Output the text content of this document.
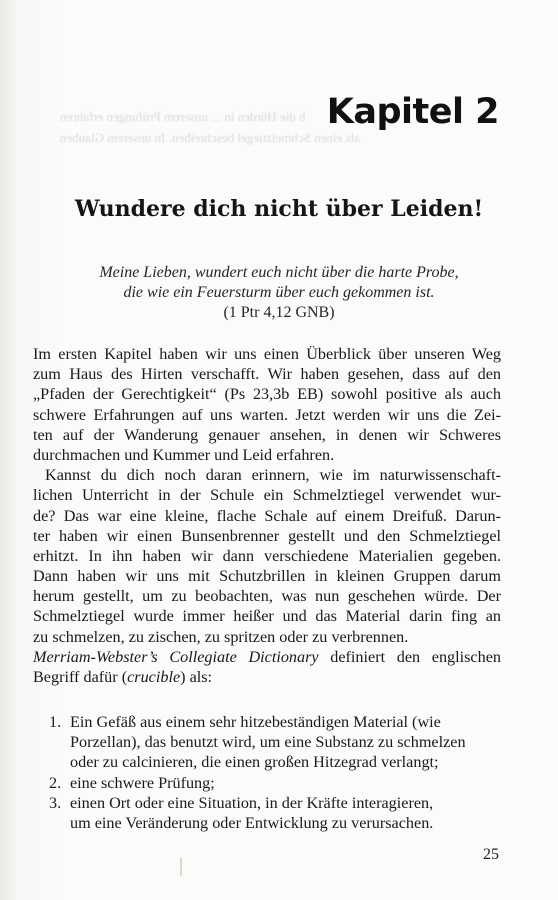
h die Hürden in ... unserem Prüfungen erfahren
als einen Schmelztiegel beschreiben. In unserem Glauben
Kapitel 2
Wundere dich nicht über Leiden!
Meine Lieben, wundert euch nicht über die harte Probe,
die wie ein Feuersturm über euch gekommen ist.
(1 Ptr 4,12 GNB)
Im ersten Kapitel haben wir uns einen Überblick über unseren Weg
zum Haus des Hirten verschafft. Wir haben gesehen, dass auf den
„Pfaden der Gerechtigkeit“ (Ps 23,3b EB) sowohl positive als auch
schwere Erfahrungen auf uns warten. Jetzt werden wir uns die Zei-
ten auf der Wanderung genauer ansehen, in denen wir Schweres
durchmachen und Kummer und Leid erfahren.
Kannst du dich noch daran erinnern, wie im naturwissenschaft-
lichen Unterricht in der Schule ein Schmelztiegel verwendet wur-
de? Das war eine kleine, flache Schale auf einem Dreifuß. Darun-
ter haben wir einen Bunsenbrenner gestellt und den Schmelztiegel
erhitzt. In ihn haben wir dann verschiedene Materialien gegeben.
Dann haben wir uns mit Schutzbrillen in kleinen Gruppen darum
herum gestellt, um zu beobachten, was nun geschehen würde. Der
Schmelztiegel wurde immer heißer und das Material darin fing an
zu schmelzen, zu zischen, zu spritzen oder zu verbrennen.
Merriam-Webster’s Collegiate Dictionary definiert den englischen
Begriff dafür (crucible) als:
1. Ein Gefäß aus einem sehr hitzebeständigen Material (wie
Porzellan), das benutzt wird, um eine Substanz zu schmelzen
oder zu calcinieren, die einen großen Hitzegrad verlangt;
2. eine schwere Prüfung;
3. einen Ort oder eine Situation, in der Kräfte interagieren,
um eine Veränderung oder Entwicklung zu verursachen.
25
